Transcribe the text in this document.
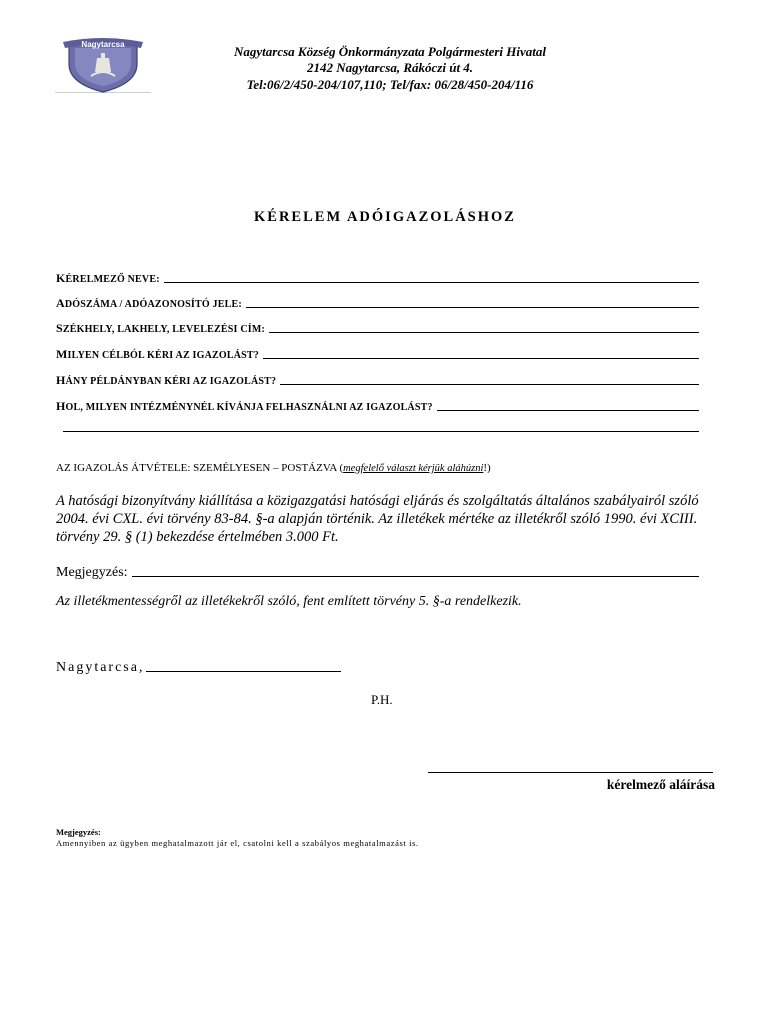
Nagytarcsa	Nagytarcsa Község Önkormányzata Polgármesteri Hivatal
2142 Nagytarcsa, Rákóczi út 4.
Tel:06/2/450-204/107,110; Tel/fax: 06/28/450-204/116
KÉRELEM ADÓIGAZOLÁSHOZ
KÉRELMEZŐ NEVE:
ADÓSZÁMA / ADÓAZONOSÍTÓ JELE:
SZÉKHELY, LAKHELY, LEVELEZÉSI CÍM:
MILYEN CÉLBÓL KÉRI AZ IGAZOLÁST?
HÁNY PÉLDÁNYBAN KÉRI AZ IGAZOLÁST?
HOL, MILYEN INTÉZMÉNYNÉL KÍVÁNJA FELHASZNÁLNI AZ IGAZOLÁST?
AZ IGAZOLÁS ÁTVÉTELE: SZEMÉLYESEN – POSTÁZVA (megfelelő választ kérjük aláhúzni!)
A hatósági bizonyítvány kiállítása a közigazgatási hatósági eljárás és szolgáltatás általános szabályairól szóló 2004. évi CXL. évi törvény 83-84. §-a alapján történik. Az illetékek mértéke az illetékről szóló 1990. évi XCIII. törvény 29. § (1) bekezdése értelmében 3.000 Ft.
Megjegyzés:
Az illetékmentességről az illetékekről szóló, fent említett törvény 5. §-a rendelkezik.
Nagytarcsa,
P.H.
kérelmező aláírása
Megjegyzés:
Amennyiben az ügyben meghatalmazott jár el, csatolni kell a szabályos meghatalmazást is.
